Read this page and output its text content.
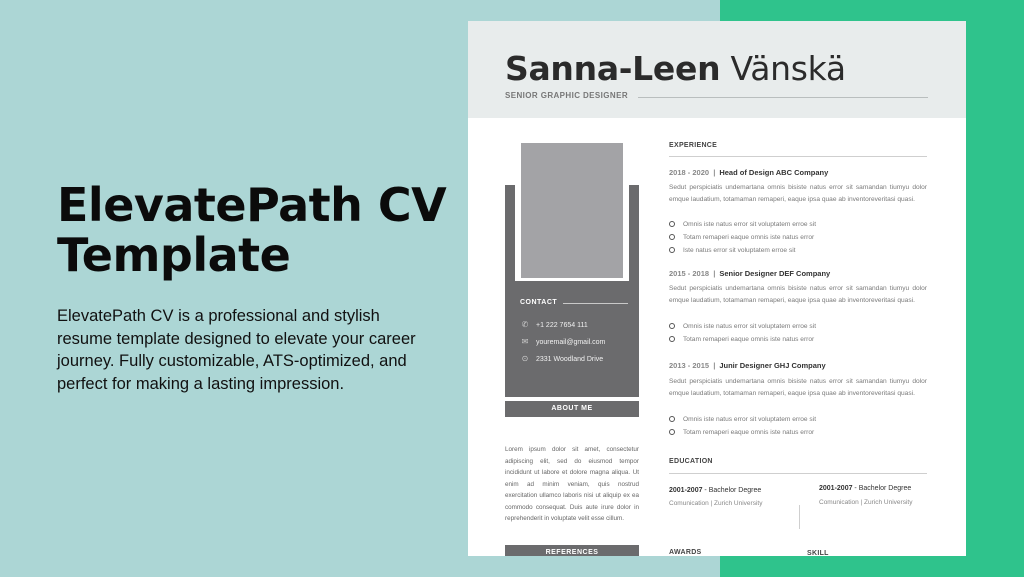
ElevatePath CV Template

ElevatePath CV is a professional and stylish resume template designed to elevate your career journey. Fully customizable, ATS-optimized, and perfect for making a lasting impression.

Sanna-Leen Vänskä
SENIOR GRAPHIC DESIGNER
CONTACT
✆ +1 222 7654 111
✉ youremail@gmail.com
⊙ 2331 Woodland Drive
ABOUT ME

Lorem ipsum dolor sit amet, consectetur adipiscing elit, sed do eiusmod tempor incididunt ut labore et dolore magna aliqua. Ut enim ad minim veniam, quis nostrud exercitation ullamco laboris nisi ut aliquip ex ea commodo consequat. Duis aute irure dolor in reprehenderit in voluptate velit esse cillum.

REFERENCES
EXPERIENCE
2018 - 2020  |  Head of Design ABC Company

Sedut perspiciatis undemartana omnis bisiste natus error sit samandan tiumyu dolor emque laudatium, totamaman remaperi, eaque ipsa quae ab inventoreveritasi quasi.

Omnis iste natus error sit voluptatem erroe sit
Totam remaperi eaque omnis iste natus error
Iste natus error sit voluptatem erroe sit
2015 - 2018  |  Senior Designer DEF Company

Sedut perspiciatis undemartana omnis bisiste natus error sit samandan tiumyu dolor emque laudatium, totamaman remaperi, eaque ipsa quae ab inventoreveritasi quasi.

Omnis iste natus error sit voluptatem erroe sit
Totam remaperi eaque omnis iste natus error
2013 - 2015  |  Junir Designer GHJ Company

Sedut perspiciatis undemartana omnis bisiste natus error sit samandan tiumyu dolor emque laudatium, totamaman remaperi, eaque ipsa quae ab inventoreveritasi quasi.

Omnis iste natus error sit voluptatem erroe sit
Totam remaperi eaque omnis iste natus error
EDUCATION
2001-2007 - Bachelor Degree
Comunication | Zurich University
2001-2007 - Bachelor Degree
Comunication | Zurich University
AWARDS	SKILL
